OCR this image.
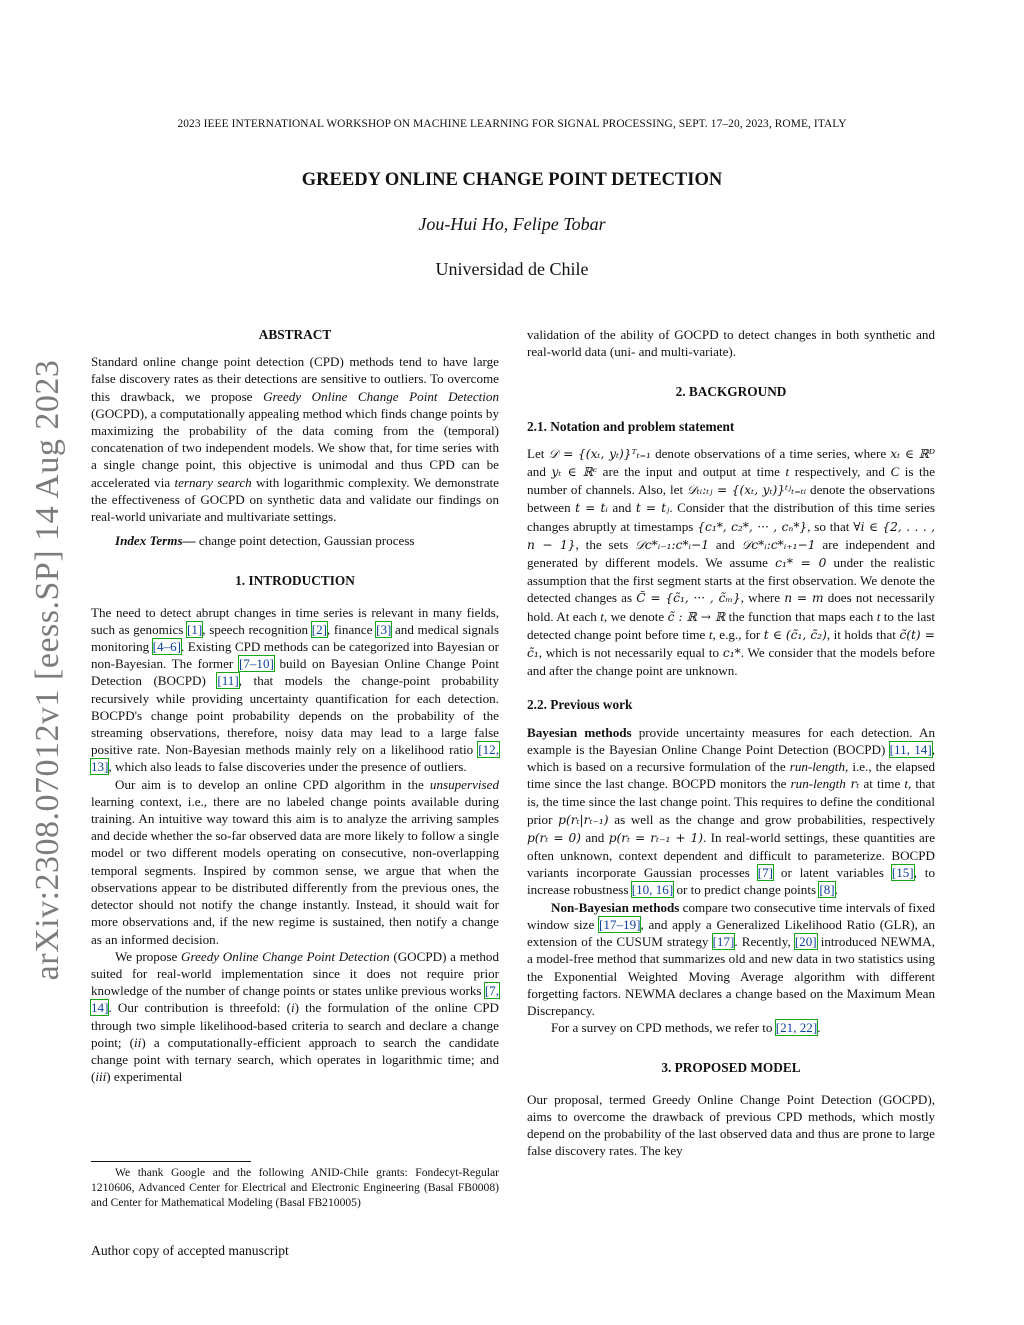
2023 IEEE INTERNATIONAL WORKSHOP ON MACHINE LEARNING FOR SIGNAL PROCESSING, SEPT. 17–20, 2023, ROME, ITALY
GREEDY ONLINE CHANGE POINT DETECTION
Jou-Hui Ho, Felipe Tobar
Universidad de Chile
arXiv:2308.07012v1 [eess.SP] 14 Aug 2023
ABSTRACT

Standard online change point detection (CPD) methods tend to have large false discovery rates as their detections are sensitive to outliers. To overcome this drawback, we propose Greedy Online Change Point Detection (GOCPD), a computationally appealing method which finds change points by maximizing the probability of the data coming from the (temporal) concatenation of two independent models. We show that, for time series with a single change point, this objective is unimodal and thus CPD can be accelerated via ternary search with logarithmic complexity. We demonstrate the effectiveness of GOCPD on synthetic data and validate our findings on real-world univariate and multivariate settings.

Index Terms— change point detection, Gaussian process

1. INTRODUCTION

The need to detect abrupt changes in time series is relevant in many fields, such as genomics [1], speech recognition [2], finance [3] and medical signals monitoring [4–6]. Existing CPD methods can be categorized into Bayesian or non-Bayesian. The former [7–10] build on Bayesian Online Change Point Detection (BOCPD) [11], that models the change-point probability recursively while providing uncertainty quantification for each detection. BOCPD's change point probability depends on the probability of the streaming observations, therefore, noisy data may lead to a large false positive rate. Non-Bayesian methods mainly rely on a likelihood ratio [12, 13], which also leads to false discoveries under the presence of outliers.

Our aim is to develop an online CPD algorithm in the unsupervised learning context, i.e., there are no labeled change points available during training. An intuitive way toward this aim is to analyze the arriving samples and decide whether the so-far observed data are more likely to follow a single model or two different models operating on consecutive, non-overlapping temporal segments. Inspired by common sense, we argue that when the observations appear to be distributed differently from the previous ones, the detector should not notify the change instantly. Instead, it should wait for more observations and, if the new regime is sustained, then notify a change as an informed decision.

We propose Greedy Online Change Point Detection (GOCPD) a method suited for real-world implementation since it does not require prior knowledge of the number of change points or states unlike previous works [7, 14]. Our contribution is threefold: (i) the formulation of the online CPD through two simple likelihood-based criteria to search and declare a change point; (ii) a computationally-efficient approach to search the candidate change point with ternary search, which operates in logarithmic time; and (iii) experimental

We thank Google and the following ANID-Chile grants: Fondecyt-Regular 1210606, Advanced Center for Electrical and Electronic Engineering (Basal FB0008) and Center for Mathematical Modeling (Basal FB210005)
Author copy of accepted manuscript

validation of the ability of GOCPD to detect changes in both synthetic and real-world data (uni- and multi-variate).

2. BACKGROUND
2.1. Notation and problem statement

Let 𝒟 = {(xₜ, yₜ)}ᵀₜ₌₁ denote observations of a time series, where xₜ ∈ ℝᴰ and yₜ ∈ ℝᶜ are the input and output at time t respectively, and C is the number of channels. Also, let 𝒟ₜᵢ:ₜⱼ = {(xₜ, yₜ)}ᵗʲₜ₌ₜᵢ denote the observations between t = tᵢ and t = tⱼ. Consider that the distribution of this time series changes abruptly at timestamps {c₁*, c₂*, ··· , cₙ*}, so that ∀i ∈ {2, . . . , n − 1}, the sets 𝒟c*ᵢ₋₁:c*ᵢ−1 and 𝒟c*ᵢ:c*ᵢ₊₁−1 are independent and generated by different models. We assume c₁* = 0 under the realistic assumption that the first segment starts at the first observation. We denote the detected changes as C̃ = {c̃₁, ··· , c̃ₘ}, where n = m does not necessarily hold. At each t, we denote c̃ : ℝ → ℝ the function that maps each t to the last detected change point before time t, e.g., for t ∈ (c̃₁, c̃₂), it holds that c̃(t) = c̃₁, which is not necessarily equal to c₁*. We consider that the models before and after the change point are unknown.

2.2. Previous work

Bayesian methods provide uncertainty measures for each detection. An example is the Bayesian Online Change Point Detection (BOCPD) [11, 14], which is based on a recursive formulation of the run-length, i.e., the elapsed time since the last change. BOCPD monitors the run-length rₜ at time t, that is, the time since the last change point. This requires to define the conditional prior p(rₜ|rₜ₋₁) as well as the change and grow probabilities, respectively p(rₜ = 0) and p(rₜ = rₜ₋₁ + 1). In real-world settings, these quantities are often unknown, context dependent and difficult to parameterize. BOCPD variants incorporate Gaussian processes [7] or latent variables [15], to increase robustness [10, 16] or to predict change points [8].

Non-Bayesian methods compare two consecutive time intervals of fixed window size [17–19], and apply a Generalized Likelihood Ratio (GLR), an extension of the CUSUM strategy [17]. Recently, [20] introduced NEWMA, a model-free method that summarizes old and new data in two statistics using the Exponential Weighted Moving Average algorithm with different forgetting factors. NEWMA declares a change based on the Maximum Mean Discrepancy.

For a survey on CPD methods, we refer to [21, 22].

3. PROPOSED MODEL

Our proposal, termed Greedy Online Change Point Detection (GOCPD), aims to overcome the drawback of previous CPD methods, which mostly depend on the probability of the last observed data and thus are prone to large false discovery rates. The key
